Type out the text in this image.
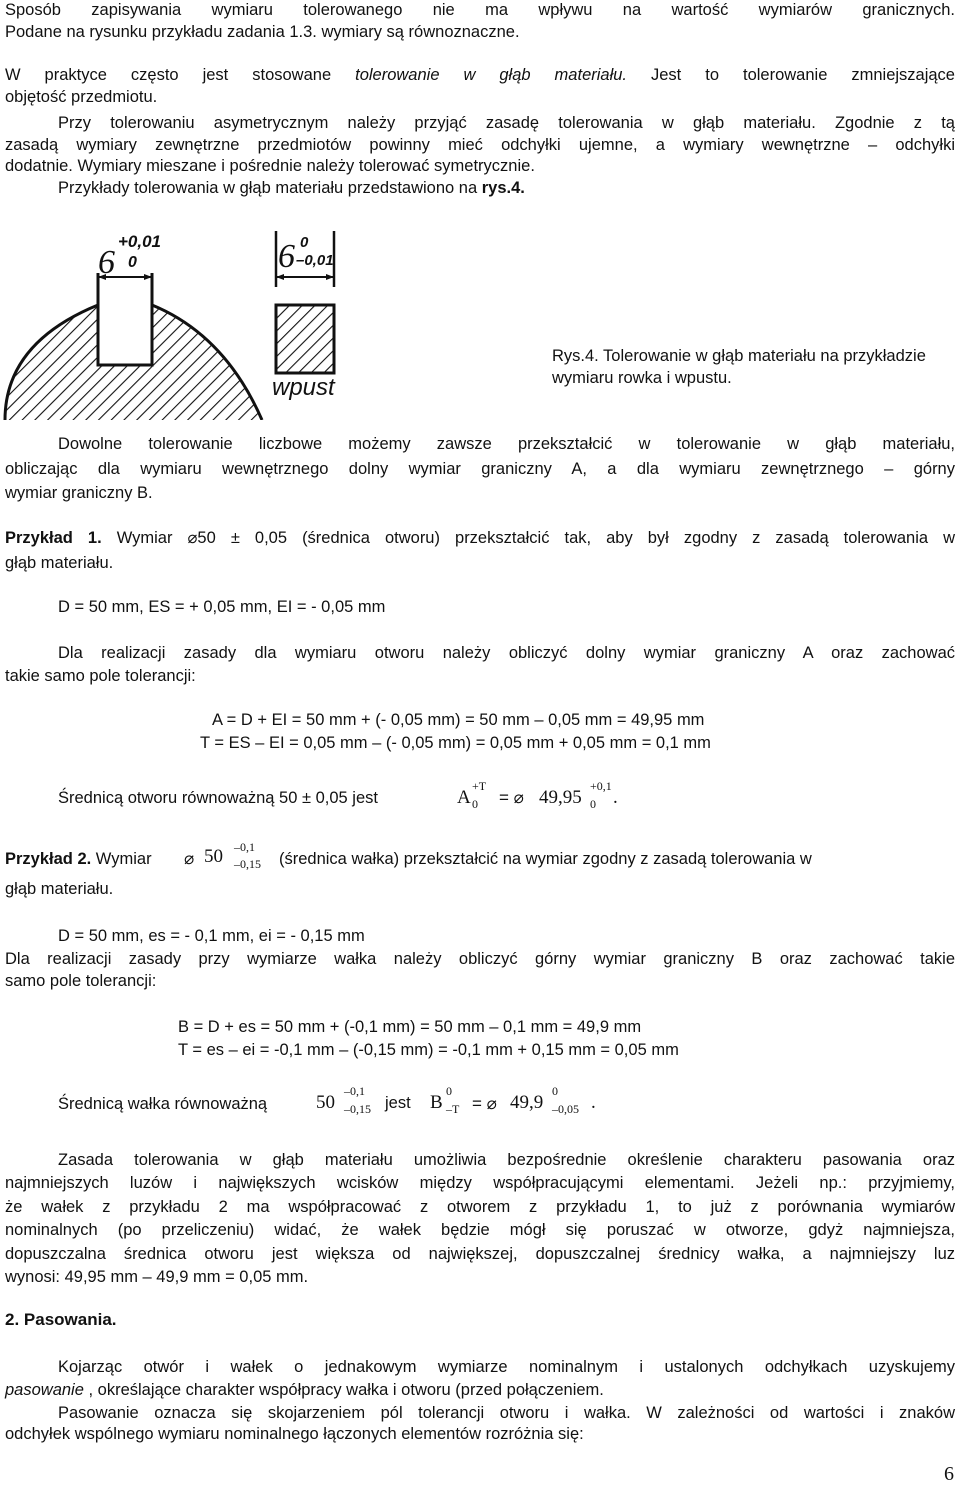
Sposób zapisywania wymiaru tolerowanego nie ma wpływu na wartość wymiarów granicznych.
Podane na rysunku przykładu zadania 1.3. wymiary są równoznaczne.
W praktyce często jest stosowane tolerowanie w głąb materiału. Jest to tolerowanie zmniejszające
objętość przedmiotu.
Przy tolerowaniu asymetrycznym należy przyjąć zasadę tolerowania w głąb materiału. Zgodnie z tą
zasadą wymiary zewnętrzne przedmiotów powinny mieć odchyłki ujemne, a wymiary wewnętrzne – odchyłki
dodatnie. Wymiary mieszane i pośrednie należy tolerować symetrycznie.
Przykłady tolerowania w głąb materiału przedstawiono na rys.4.
6
+0,01
0	6 0
–0,01
wpust
Rys.4. Tolerowanie w głąb materiału na przykładzie
wymiaru rowka i wpustu.
Dowolne tolerowanie liczbowe możemy zawsze przekształcić w tolerowanie w głąb materiału,
obliczając dla wymiaru wewnętrznego dolny wymiar graniczny A, a dla wymiaru zewnętrznego – górny
wymiar graniczny B.
Przykład 1. Wymiar ⌀50 ± 0,05 (średnica otworu) przekształcić tak, aby był zgodny z zasadą tolerowania w
głąb materiału.
D = 50 mm, ES = + 0,05 mm, EI = - 0,05 mm
Dla realizacji zasady dla wymiaru otworu należy obliczyć dolny wymiar graniczny A oraz zachować
takie samo pole tolerancji:
A = D + EI = 50 mm + (- 0,05 mm) = 50 mm – 0,05 mm = 49,95 mm
T = ES – EI = 0,05 mm – (- 0,05 mm) = 0,05 mm + 0,05 mm = 0,1 mm
Średnicą otworu równoważną 50 ± 0,05 jest	A
+T
0 = ⌀ 49,95
+0,1
0 .
Przykład 2. Wymiar ⌀ 50 –0,1
–0,15 (średnica wałka) przekształcić na wymiar zgodny z zasadą tolerowania w
głąb materiału.
D = 50 mm, es = - 0,1 mm, ei = - 0,15 mm
Dla realizacji zasady przy wymiarze wałka należy obliczyć górny wymiar graniczny B oraz zachować takie
samo pole tolerancji:
B = D + es = 50 mm + (-0,1 mm) = 50 mm – 0,1 mm = 49,9 mm
T = es – ei = -0,1 mm – (-0,15 mm) = -0,1 mm + 0,15 mm = 0,05 mm
Średnicą wałka równoważną	50
–0,1
–0,15 jest B
0
–T = ⌀ 49,9
0
–0,05 .
Zasada tolerowania w głąb materiału umożliwia bezpośrednie określenie charakteru pasowania oraz
najmniejszych luzów i największych wcisków między współpracującymi elementami. Jeżeli np.: przyjmiemy,
że wałek z przykładu 2 ma współpracować z otworem z przykładu 1, to już z porównania wymiarów
nominalnych (po przeliczeniu) widać, że wałek będzie mógł się poruszać w otworze, gdyż najmniejsza,
dopuszczalna średnica otworu jest większa od największej, dopuszczalnej średnicy wałka, a najmniejszy luz
wynosi: 49,95 mm – 49,9 mm = 0,05 mm.
2. Pasowania.
Kojarząc otwór i wałek o jednakowym wymiarze nominalnym i ustalonych odchyłkach uzyskujemy
pasowanie , określające charakter współpracy wałka i otworu (przed połączeniem.
Pasowanie oznacza się skojarzeniem pól tolerancji otworu i wałka. W zależności od wartości i znaków
odchyłek wspólnego wymiaru nominalnego łączonych elementów rozróżnia się:
6
